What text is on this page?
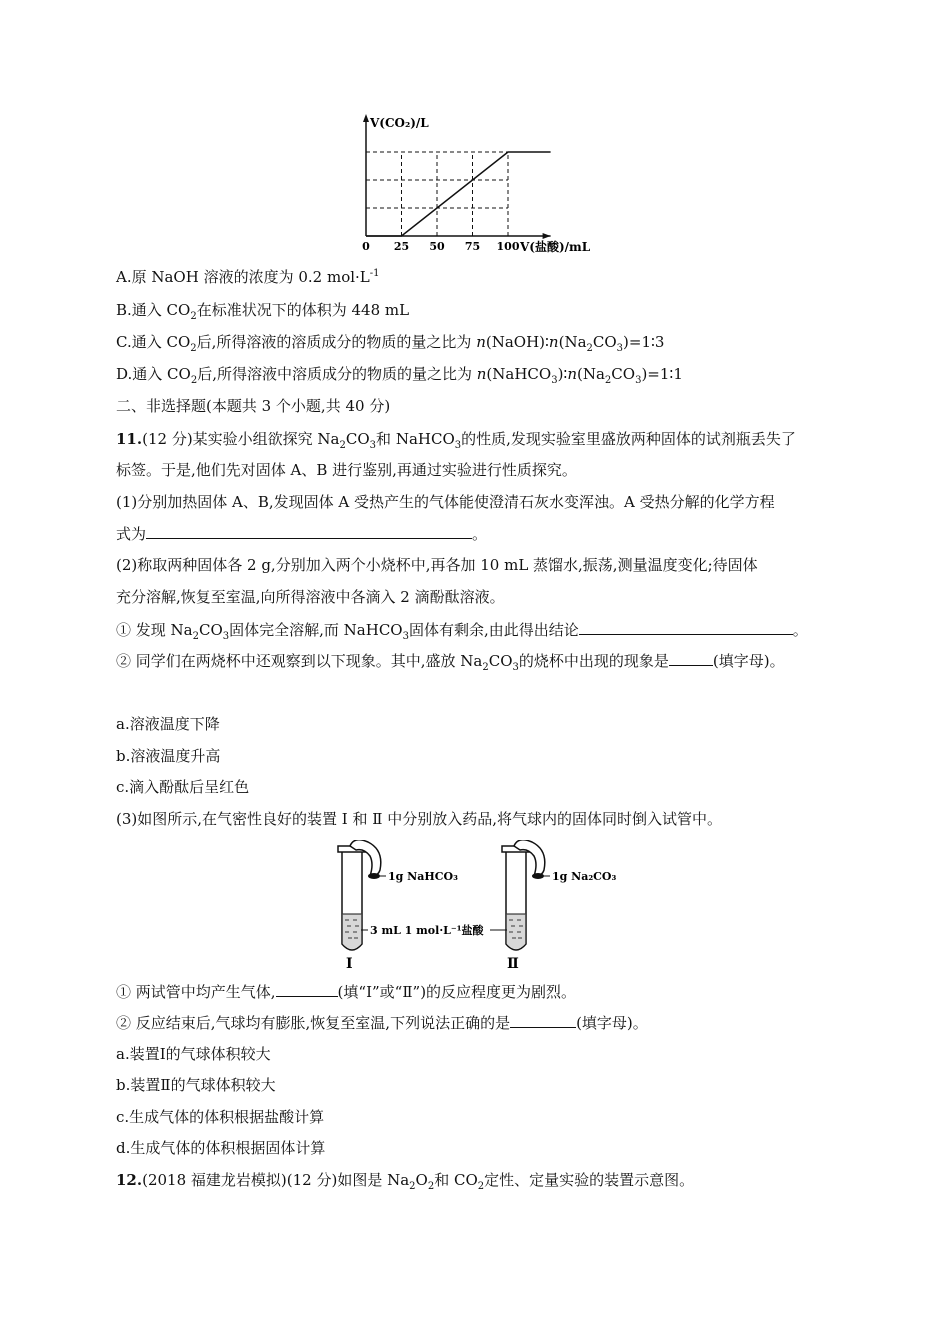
0 25 50 75 100
V(CO₂)/L
V(盐酸)/mL
A.原 NaOH 溶液的浓度为 0.2 $mol\cdot L^{-1}$
B.通入 $CO_2$在标准状况下的体积为 448 mL
C.通入 $CO_2$后,所得溶液的溶质成分的物质的量之比为 $n(NaOH)∶n(Na_2CO_3)=1∶3$
D.通入 $CO_2$后,所得溶液中溶质成分的物质的量之比为 $n(NaHCO_3)∶n(Na_2CO_3)=1∶1$
二、非选择题(本题共 3 个小题,共 40 分)
11.(12 分)某实验小组欲探究 $Na_2CO_3$和 NaHCO$_3$的性质,发现实验室里盛放两种固体的试剂瓶丢失了
标签。于是,他们先对固体 A、B 进行鉴别,再通过实验进行性质探究。
(1)分别加热固体 A、B,发现固体 A 受热产生的气体能使澄清石灰水变浑浊。A 受热分解的化学方程
式为	。
(2)称取两种固体各 2 g,分别加入两个小烧杯中,再各加 10 mL 蒸馏水,振荡,测量温度变化;待固体
充分溶解,恢复至室温,向所得溶液中各滴入 2 滴酚酞溶液。
① 发现 $Na_2CO_3$固体完全溶解,而 NaHCO$_3$固体有剩余,由此得出结论	。
② 同学们在两烧杯中还观察到以下现象。其中,盛放 $Na_2CO_3$的烧杯中出现的现象是	(填字母)。
a.溶液温度下降
b.溶液温度升高
c.滴入酚酞后呈红色
(3)如图所示,在气密性良好的装置 Ⅰ 和 Ⅱ 中分别放入药品,将气球内的固体同时倒入试管中。
1g NaHCO₃	1g Na₂CO₃
3 mL 1 mol·L⁻¹盐酸
Ⅰ	Ⅱ
① 两试管中均产生气体,	(填“Ⅰ”或“Ⅱ”)的反应程度更为剧烈。
② 反应结束后,气球均有膨胀,恢复至室温,下列说法正确的是	(填字母)。
a.装置Ⅰ的气球体积较大
b.装置Ⅱ的气球体积较大
c.生成气体的体积根据盐酸计算
d.生成气体的体积根据固体计算
12.(2018 福建龙岩模拟)(12 分)如图是 $Na_2O_2$和 $CO_2$定性、定量实验的装置示意图。
